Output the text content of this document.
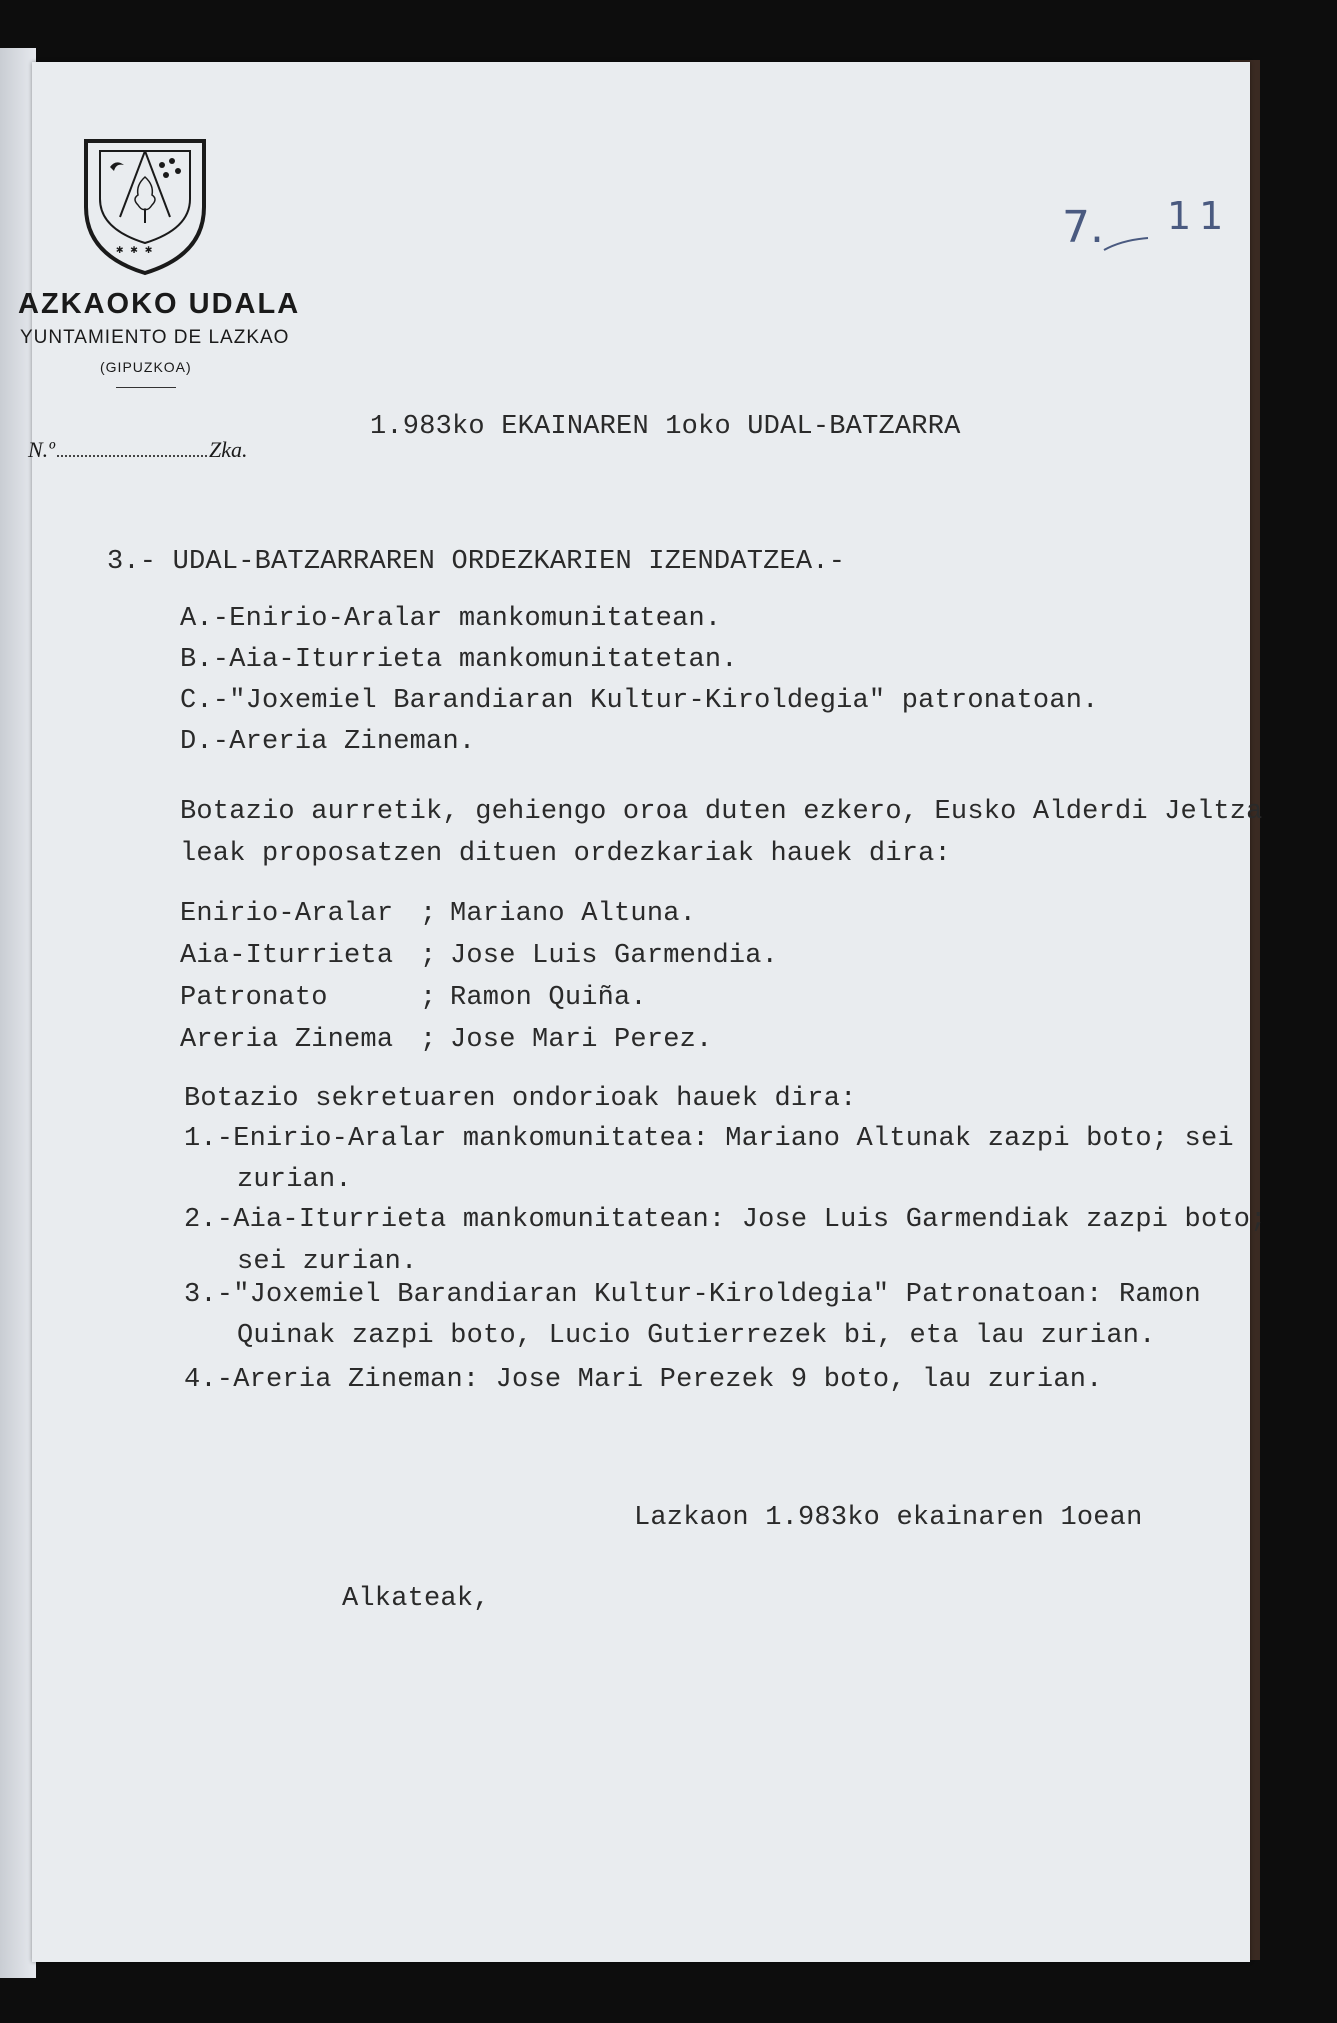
✱ ✱ ✱
AZKAOKO UDALA
YUNTAMIENTO DE LAZKAO
(GIPUZKOA)
N.º	Zka.
7. 11
1.983ko EKAINAREN 1oko UDAL-BATZARRA
3.- UDAL-BATZARRAREN ORDEZKARIEN IZENDATZEA.-
A.-Enirio-Aralar mankomunitatean.
B.-Aia-Iturrieta mankomunitatetan.
C.-"Joxemiel Barandiaran Kultur-Kiroldegia" patronatoan.
D.-Areria Zineman.
Botazio aurretik, gehiengo oroa duten ezkero, Eusko Alderdi Jeltza
leak proposatzen dituen ordezkariak hauek dira:
Enirio-Aralar ; Mariano Altuna.
Aia-Iturrieta ; Jose Luis Garmendia.
Patronato	; Ramon Quiña.
Areria Zinema ; Jose Mari Perez.
Botazio sekretuaren ondorioak hauek dira:
1.-Enirio-Aralar mankomunitatea: Mariano Altunak zazpi boto; sei
zurian.
2.-Aia-Iturrieta mankomunitatean: Jose Luis Garmendiak zazpi boto;
sei zurian.
3.-"Joxemiel Barandiaran Kultur-Kiroldegia" Patronatoan: Ramon
Quinak zazpi boto, Lucio Gutierrezek bi, eta lau zurian.
4.-Areria Zineman: Jose Mari Perezek 9 boto, lau zurian.
Lazkaon 1.983ko ekainaren 1oean
Alkateak,
